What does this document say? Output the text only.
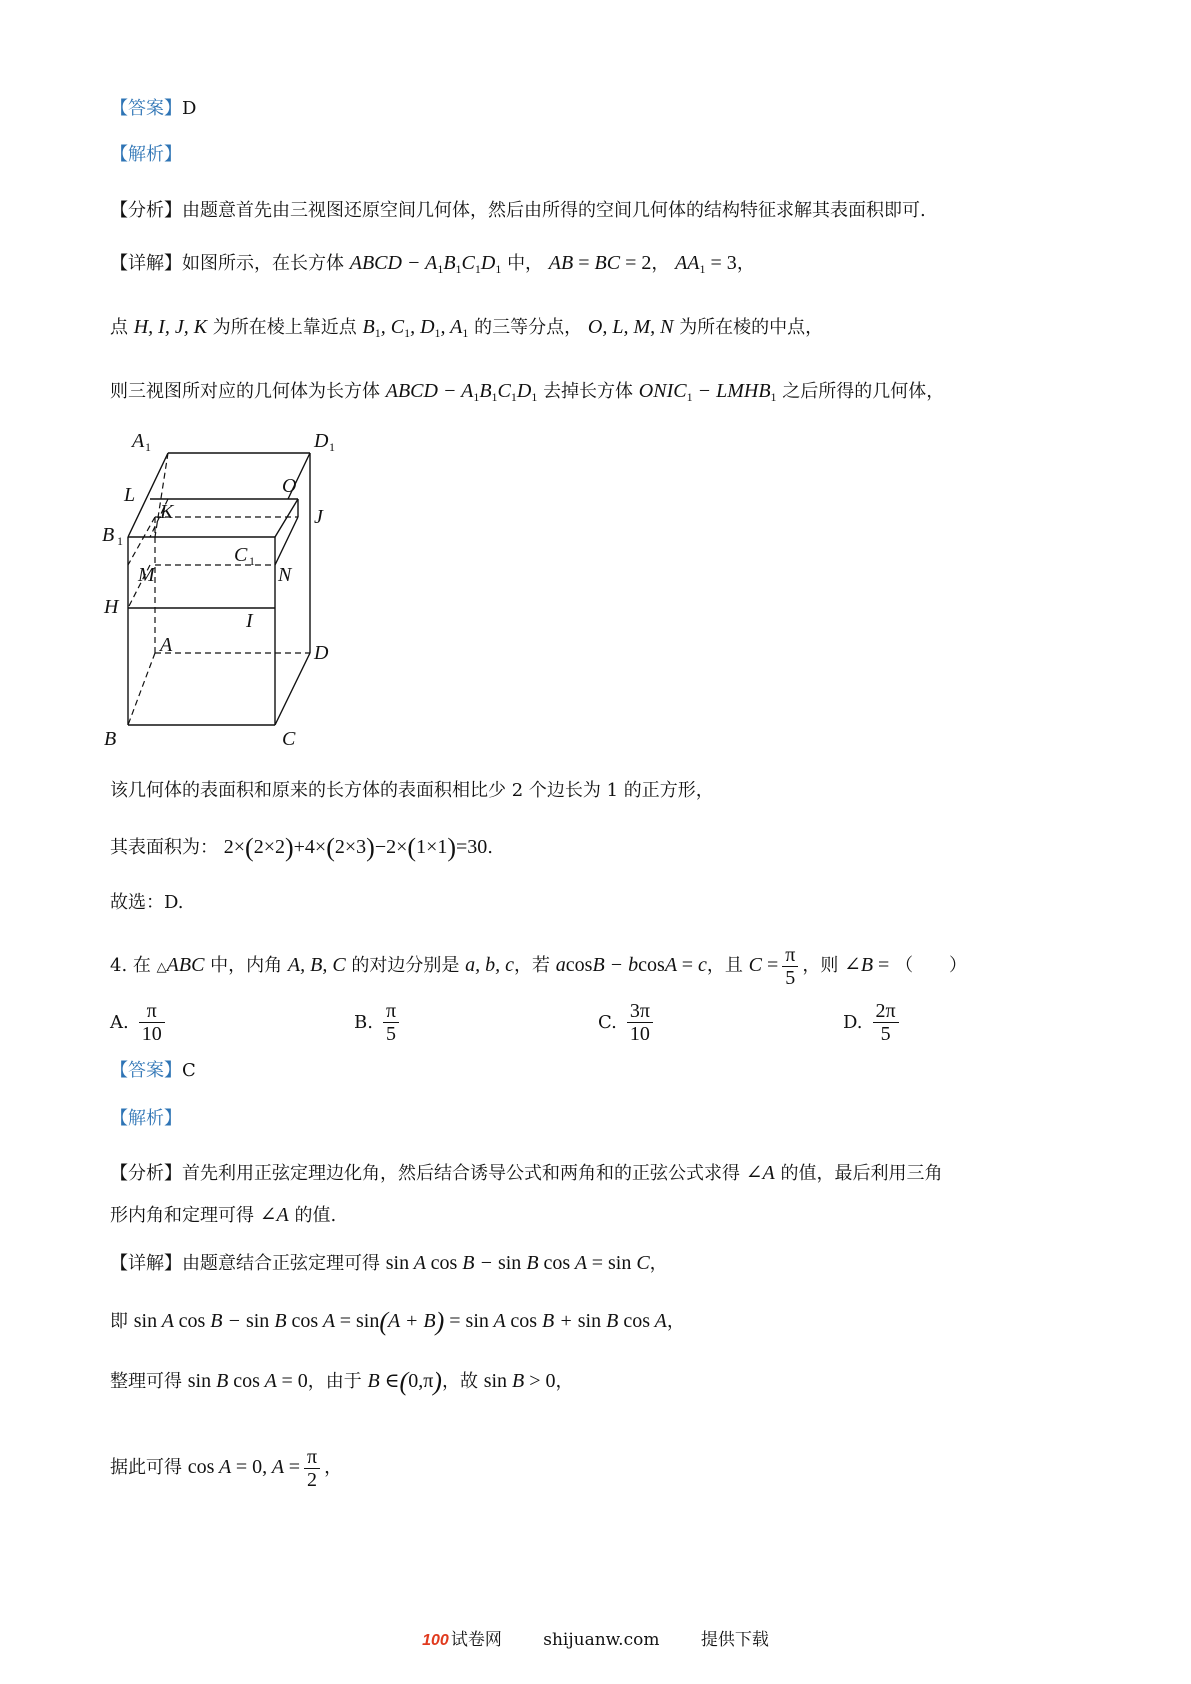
【答案】D
【解析】
【分析】由题意首先由三视图还原空间几何体，然后由所得的空间几何体的结构特征求解其表面积即可.
【详解】如图所示，在长方体 ABCD − $A_1B_1C_1D_1$ 中， AB = BC = 2， $AA_1 = 3$，
点 H, I, J, K 为所在棱上靠近点 $B_1$, $C_1$, $D_1$, $A_1$ 的三等分点， O, L, M, N 为所在棱的中点，
则三视图所对应的几何体为长方体 ABCD − $A_1B_1C_1D_1$ 去掉长方体 $ONIC_1$ − $LMHB_1$ 之后所得的几何体，
A 1	D 1
L	O
K	J
B 1
C 1
M	N
H
I
A	D
B	C
该几何体的表面积和原来的长方体的表面积相比少 2 个边长为 1 的正方形，
其表面积为： 2×(2×2)+4×(2×3)−2×(1×1)=30.
故选：D.
4. 在 △ABC 中，内角 A, B, C 的对边分别是 a, b, c，若 acosB − bcosA = c，且 $C = \frac{\pi}{5}$ ，则 ∠B = （　　）
A. $\frac{\pi}{10}$	B. $\frac{\pi}{5}$	C. $\frac{3\pi}{10}$	D. $\frac{2\pi}{5}$
【答案】C
【解析】
【分析】首先利用正弦定理边化角，然后结合诱导公式和两角和的正弦公式求得 ∠A 的值，最后利用三角
形内角和定理可得 ∠A 的值.
【详解】由题意结合正弦定理可得 sin A cos B − sin B cos A = sin C，
即 sin A cos B − sin B cos A = sin(A + B) = sin A cos B + sin B cos A，
整理可得 sin B cos A = 0，由于 B ∈(0,π)，故 sin B > 0，
据此可得 cos A = 0, $A = \frac{\pi}{2}$ ，
100 试卷网 shijuanw.com 提供下载
